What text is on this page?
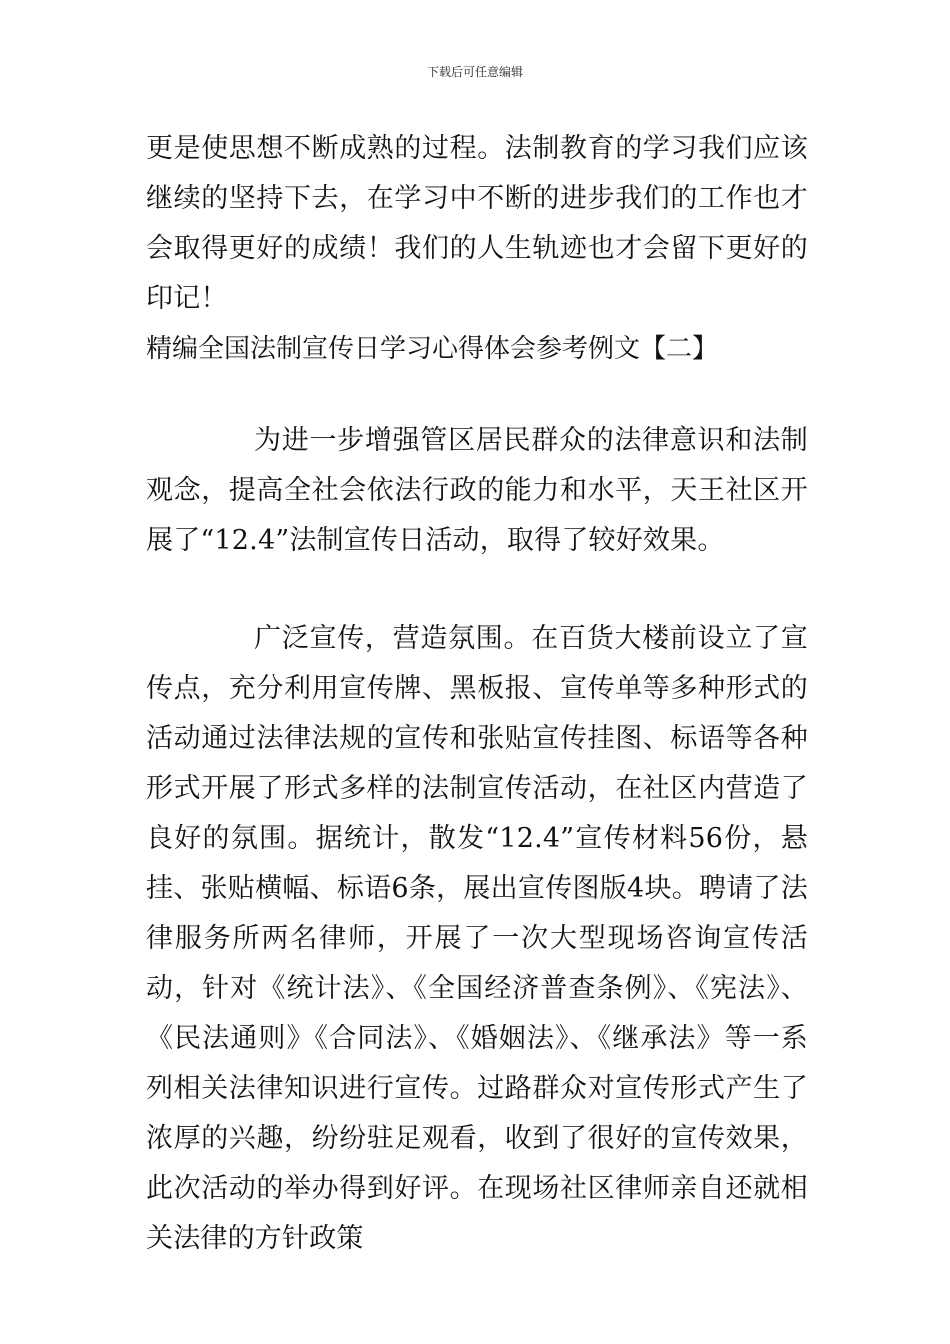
下载后可任意编辑

更是使思想不断成熟的过程。法制教育的学习我们应该继续的坚持下去，在学习中不断的进步我们的工作也才会取得更好的成绩！我们的人生轨迹也才会留下更好的印记！

精编全国法制宣传日学习心得体会参考例文【二】

为进一步增强管区居民群众的法律意识和法制观念，提高全社会依法行政的能力和水平，天王社区开展了“12.4”法制宣传日活动，取得了较好效果。

广泛宣传，营造氛围。在百货大楼前设立了宣传点，充分利用宣传牌、黑板报、宣传单等多种形式的活动通过法律法规的宣传和张贴宣传挂图、标语等各种形式开展了形式多样的法制宣传活动，在社区内营造了良好的氛围。据统计，散发“12.4”宣传材料56份，悬挂、张贴横幅、标语6条，展出宣传图版4块。聘请了法律服务所两名律师，开展了一次大型现场咨询宣传活动，针对《统计法》、《全国经济普查条例》、《宪法》、《民法通则》《合同法》、《婚姻法》、《继承法》等一系列相关法律知识进行宣传。过路群众对宣传形式产生了浓厚的兴趣，纷纷驻足观看，收到了很好的宣传效果，此次活动的举办得到好评。在现场社区律师亲自还就相关法律的方针政策
